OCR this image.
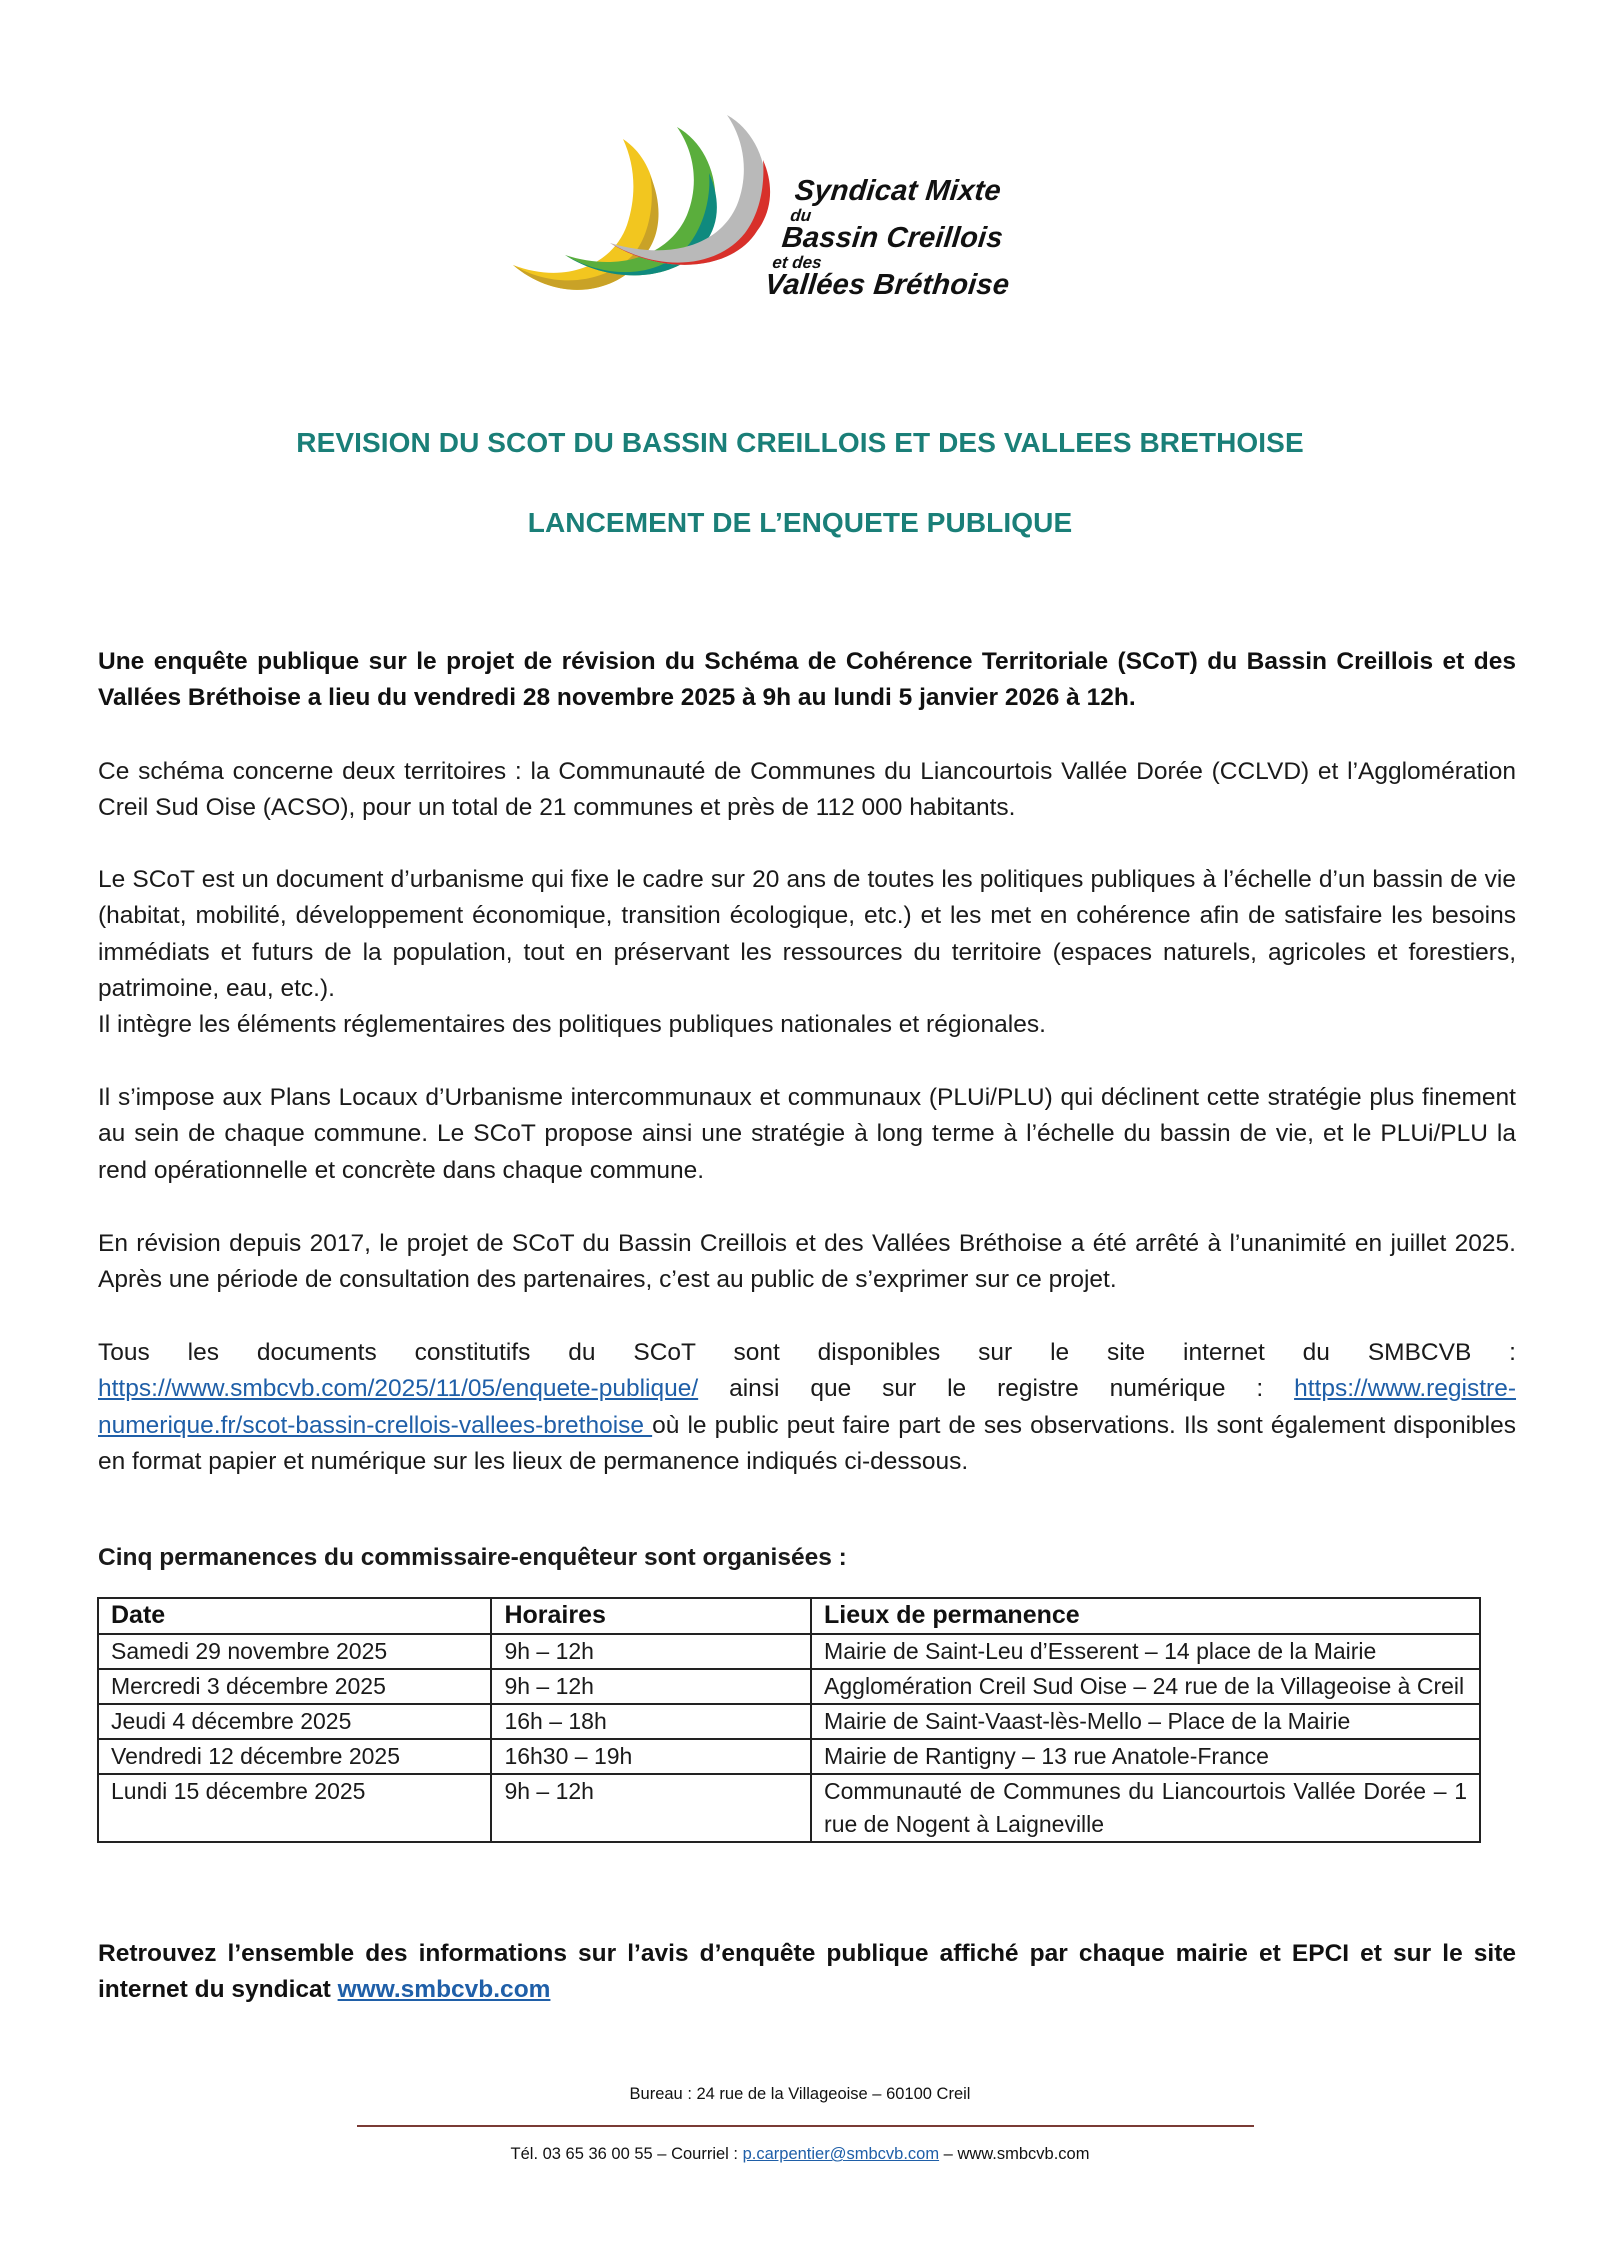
Syndicat Mixte
du
Bassin Creillois
et des
Vallées Bréthoise
REVISION DU SCOT DU BASSIN CREILLOIS ET DES VALLEES BRETHOISE
LANCEMENT DE L’ENQUETE PUBLIQUE

Une enquête publique sur le projet de révision du Schéma de Cohérence Territoriale (SCoT) du Bassin Creillois et des Vallées Bréthoise a lieu du vendredi 28 novembre 2025 à 9h au lundi 5 janvier 2026 à 12h.

Ce schéma concerne deux territoires : la Communauté de Communes du Liancourtois Vallée Dorée (CCLVD) et l’Agglomération Creil Sud Oise (ACSO), pour un total de 21 communes et près de 112 000 habitants.

Le SCoT est un document d’urbanisme qui fixe le cadre sur 20 ans de toutes les politiques publiques à l’échelle d’un bassin de vie (habitat, mobilité, développement économique, transition écologique, etc.) et les met en cohérence afin de satisfaire les besoins immédiats et futurs de la population, tout en préservant les ressources du territoire (espaces naturels, agricoles et forestiers, patrimoine, eau, etc.).

Il intègre les éléments réglementaires des politiques publiques nationales et régionales.

Il s’impose aux Plans Locaux d’Urbanisme intercommunaux et communaux (PLUi/PLU) qui déclinent cette stratégie plus finement au sein de chaque commune. Le SCoT propose ainsi une stratégie à long terme à l’échelle du bassin de vie, et le PLUi/PLU la rend opérationnelle et concrète dans chaque commune.

En révision depuis 2017, le projet de SCoT du Bassin Creillois et des Vallées Bréthoise a été arrêté à l’unanimité en juillet 2025. Après une période de consultation des partenaires, c’est au public de s’exprimer sur ce projet.

Tous les documents constitutifs du SCoT sont disponibles sur le site internet du SMBCVB : https://www.smbcvb.com/2025/11/05/enquete-publique/ ainsi que sur le registre numérique : https://www.registre-numerique.fr/scot-bassin-crellois-vallees-brethoise où le public peut faire part de ses observations. Ils sont également disponibles en format papier et numérique sur les lieux de permanence indiqués ci-dessous.

Cinq permanences du commissaire-enquêteur sont organisées :

Date	Horaires	Lieux de permanence
Samedi 29 novembre 2025	9h – 12h	Mairie de Saint-Leu d’Esserent – 14 place de la Mairie
Mercredi 3 décembre 2025	9h – 12h	Agglomération Creil Sud Oise – 24 rue de la Villageoise à Creil
Jeudi 4 décembre 2025	16h – 18h	Mairie de Saint-Vaast-lès-Mello – Place de la Mairie
Vendredi 12 décembre 2025	16h30 – 19h	Mairie de Rantigny – 13 rue Anatole-France
Lundi 15 décembre 2025	9h – 12h	Communauté de Communes du Liancourtois Vallée Dorée – 1 rue de Nogent à Laigneville

Retrouvez l’ensemble des informations sur l’avis d’enquête publique affiché par chaque mairie et EPCI et sur le site internet du syndicat www.smbcvb.com

Bureau : 24 rue de la Villageoise – 60100 Creil
Tél. 03 65 36 00 55 – Courriel : p.carpentier@smbcvb.com – www.smbcvb.com
